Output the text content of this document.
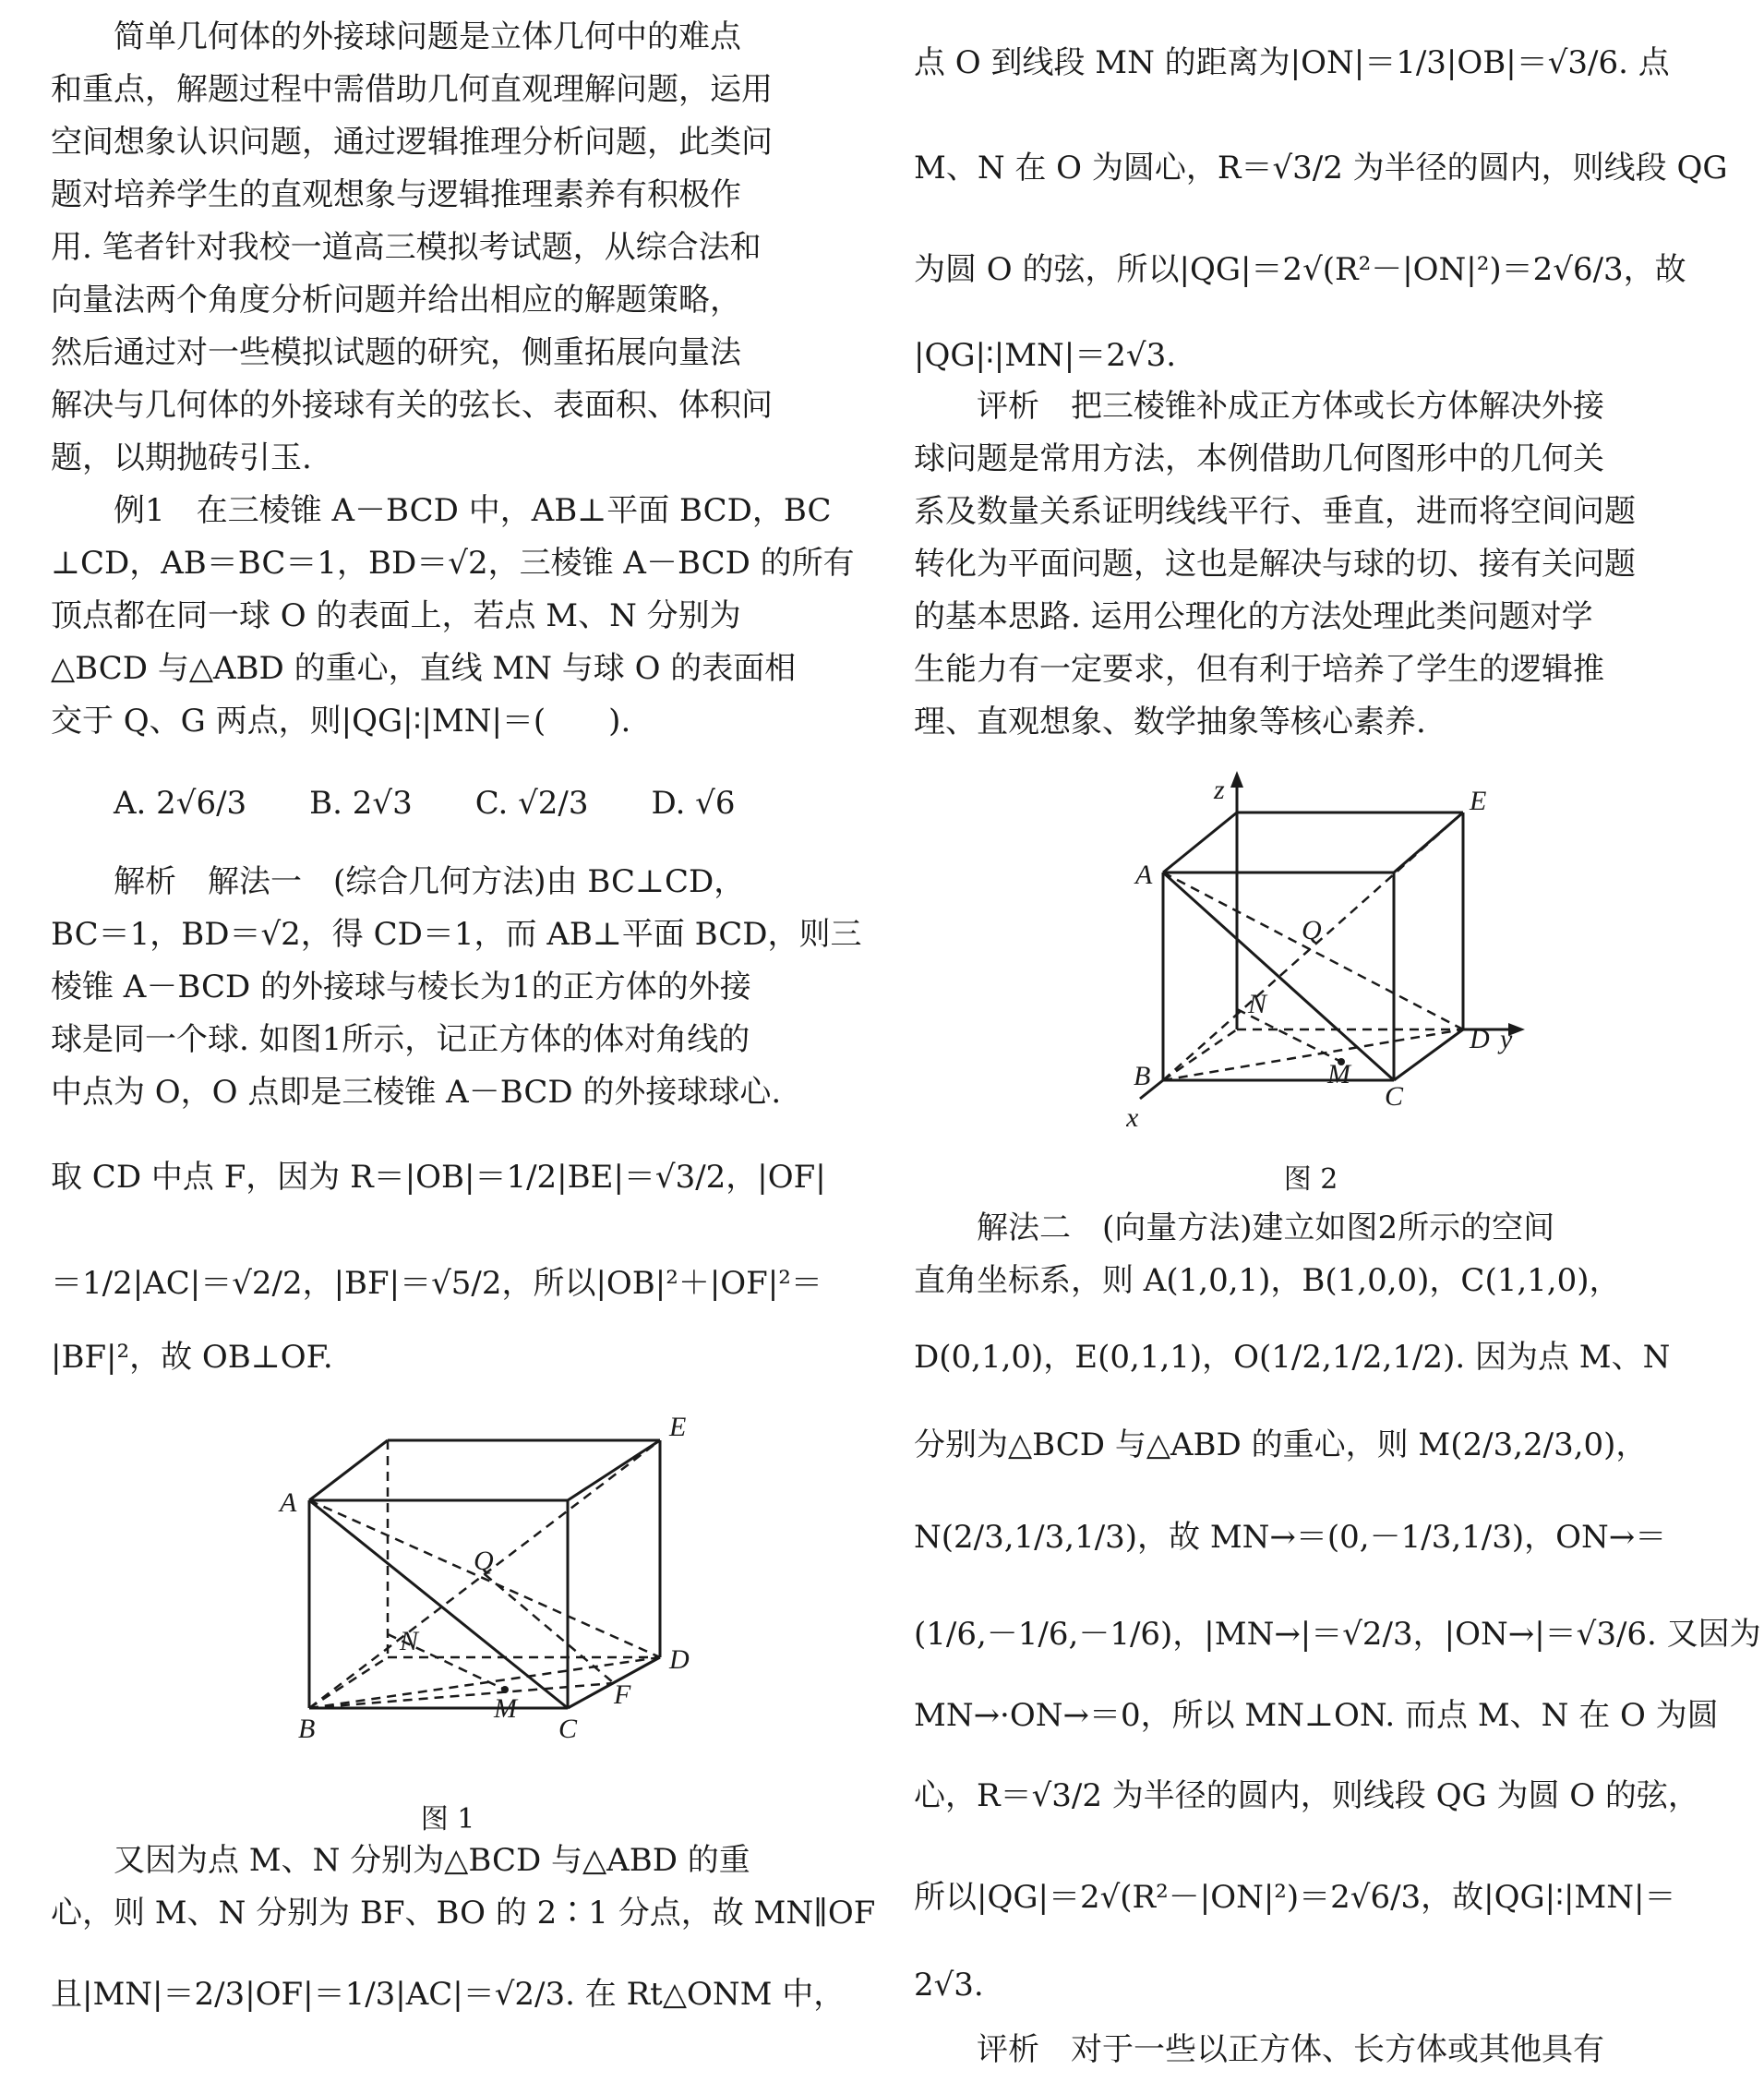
　　简单几何体的外接球问题是立体几何中的难点
和重点，解题过程中需借助几何直观理解问题，运用
空间想象认识问题，通过逻辑推理分析问题，此类问
题对培养学生的直观想象与逻辑推理素养有积极作
用. 笔者针对我校一道高三模拟考试题，从综合法和
向量法两个角度分析问题并给出相应的解题策略，
然后通过对一些模拟试题的研究，侧重拓展向量法
解决与几何体的外接球有关的弦长、表面积、体积问
题，以期抛砖引玉.
　　例1　在三棱锥 A－BCD 中，AB⊥平面 BCD，BC
⊥CD，AB＝BC＝1，BD＝√2，三棱锥 A－BCD 的所有
顶点都在同一球 O 的表面上，若点 M、N 分别为
△BCD 与△ABD 的重心，直线 MN 与球 O 的表面相
交于 Q、G 两点，则|QG|∶|MN|＝(　　).
　　A. 2√6/3　　B. 2√3　　C. √2/3　　D. √6
　　解析　解法一　(综合几何方法)由 BC⊥CD，
BC＝1，BD＝√2，得 CD＝1，而 AB⊥平面 BCD，则三
棱锥 A－BCD 的外接球与棱长为1的正方体的外接
球是同一个球. 如图1所示，记正方体的体对角线的
中点为 O，O 点即是三棱锥 A－BCD 的外接球球心.
取 CD 中点 F，因为 R＝|OB|＝1/2|BE|＝√3/2，|OF|
＝1/2|AC|＝√2/2，|BF|＝√5/2，所以|OB|²＋|OF|²＝
|BF|²，故 OB⊥OF.
A
E
Q
N
D
F
M
B	C
图 1
　　又因为点 M、N 分别为△BCD 与△ABD 的重
心，则 M、N 分别为 BF、BO 的 2∶1 分点，故 MN∥OF
且|MN|＝2/3|OF|＝1/3|AC|＝√2/3. 在 Rt△ONM 中，
点 O 到线段 MN 的距离为|ON|＝1/3|OB|＝√3/6. 点
M、N 在 O 为圆心，R＝√3/2 为半径的圆内，则线段 QG
为圆 O 的弦，所以|QG|＝2√(R²－|ON|²)＝2√6/3，故
|QG|∶|MN|＝2√3.
　　评析　把三棱锥补成正方体或长方体解决外接
球问题是常用方法，本例借助几何图形中的几何关
系及数量关系证明线线平行、垂直，进而将空间问题
转化为平面问题，这也是解决与球的切、接有关问题
的基本思路. 运用公理化的方法处理此类问题对学
生能力有一定要求，但有利于培养了学生的逻辑推
理、直观想象、数学抽象等核心素养.
z	E
A
Q
N
D y
B	M
C
x
图 2
　　解法二　(向量方法)建立如图2所示的空间
直角坐标系，则 A(1,0,1)，B(1,0,0)，C(1,1,0)，
D(0,1,0)，E(0,1,1)，O(1/2,1/2,1/2). 因为点 M、N
分别为△BCD 与△ABD 的重心，则 M(2/3,2/3,0)，
N(2/3,1/3,1/3)，故 MN→＝(0,－1/3,1/3)，ON→＝
(1/6,－1/6,－1/6)，|MN→|＝√2/3，|ON→|＝√3/6. 又因为
MN→·ON→＝0，所以 MN⊥ON. 而点 M、N 在 O 为圆
心，R＝√3/2 为半径的圆内，则线段 QG 为圆 O 的弦，
所以|QG|＝2√(R²－|ON|²)＝2√6/3，故|QG|∶|MN|＝
2√3.
　　评析　对于一些以正方体、长方体或其他具有
